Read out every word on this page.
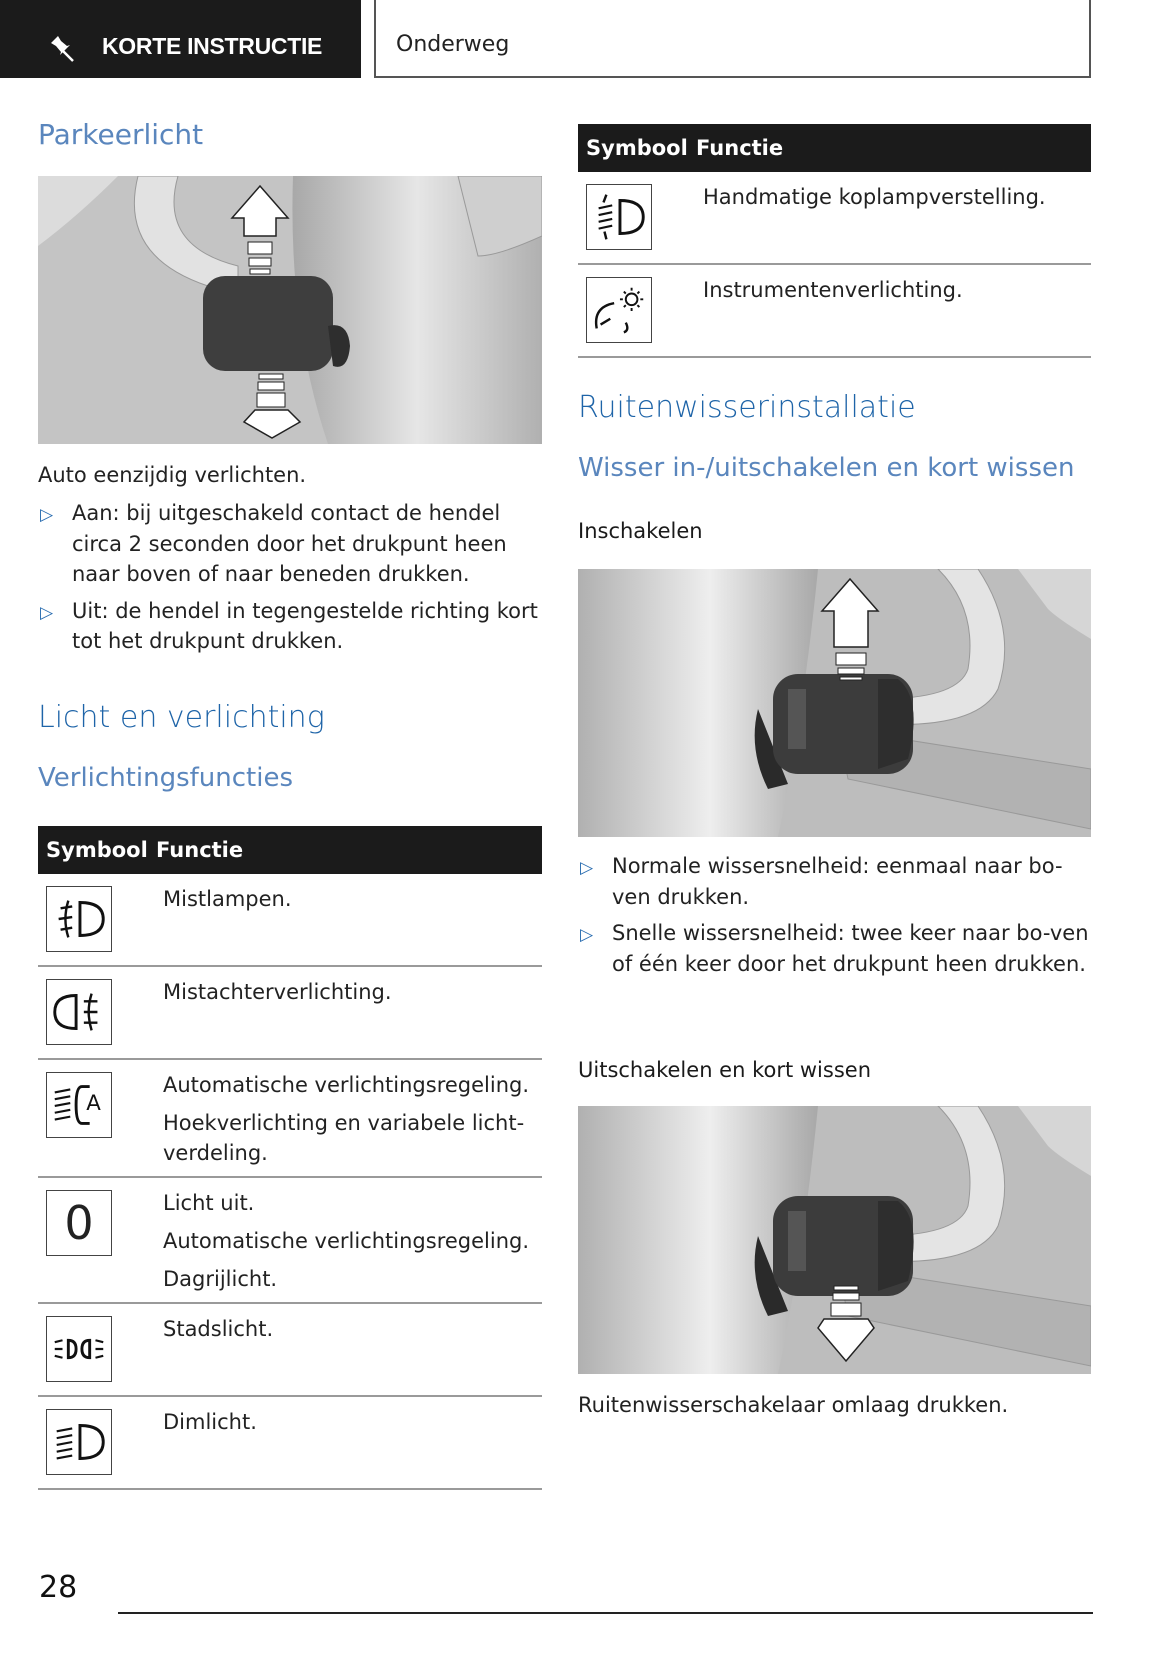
KORTE INSTRUCTIE	Onderweg
Parkeerlicht
Auto eenzijdig verlichten.
▷ Aan: bij uitgeschakeld contact de hendel circa 2 seconden door het drukpunt heen naar boven of naar beneden drukken.
▷ Uit: de hendel in tegengestelde richting kort tot het drukpunt drukken.
Licht en verlichting
Verlichtingsfuncties
Symbool Functie
Mistlampen.
Mistachterverlichting.
A
Automatische verlichtingsregeling.
Hoekverlichting en variabele licht-verdeling.
0	Licht uit.
Automatische verlichtingsregeling.
Dagrijlicht.
Stadslicht.
Dimlicht.
Symbool Functie
Handmatige koplampverstelling.
Instrumentenverlichting.
Ruitenwisserinstallatie
Wisser in-/uitschakelen en kort wissen
Inschakelen
▷ Normale wissersnelheid: eenmaal naar bo-ven drukken.
▷ Snelle wissersnelheid: twee keer naar bo-ven of één keer door het drukpunt heen drukken.
Uitschakelen en kort wissen
Ruitenwisserschakelaar omlaag drukken.
28
